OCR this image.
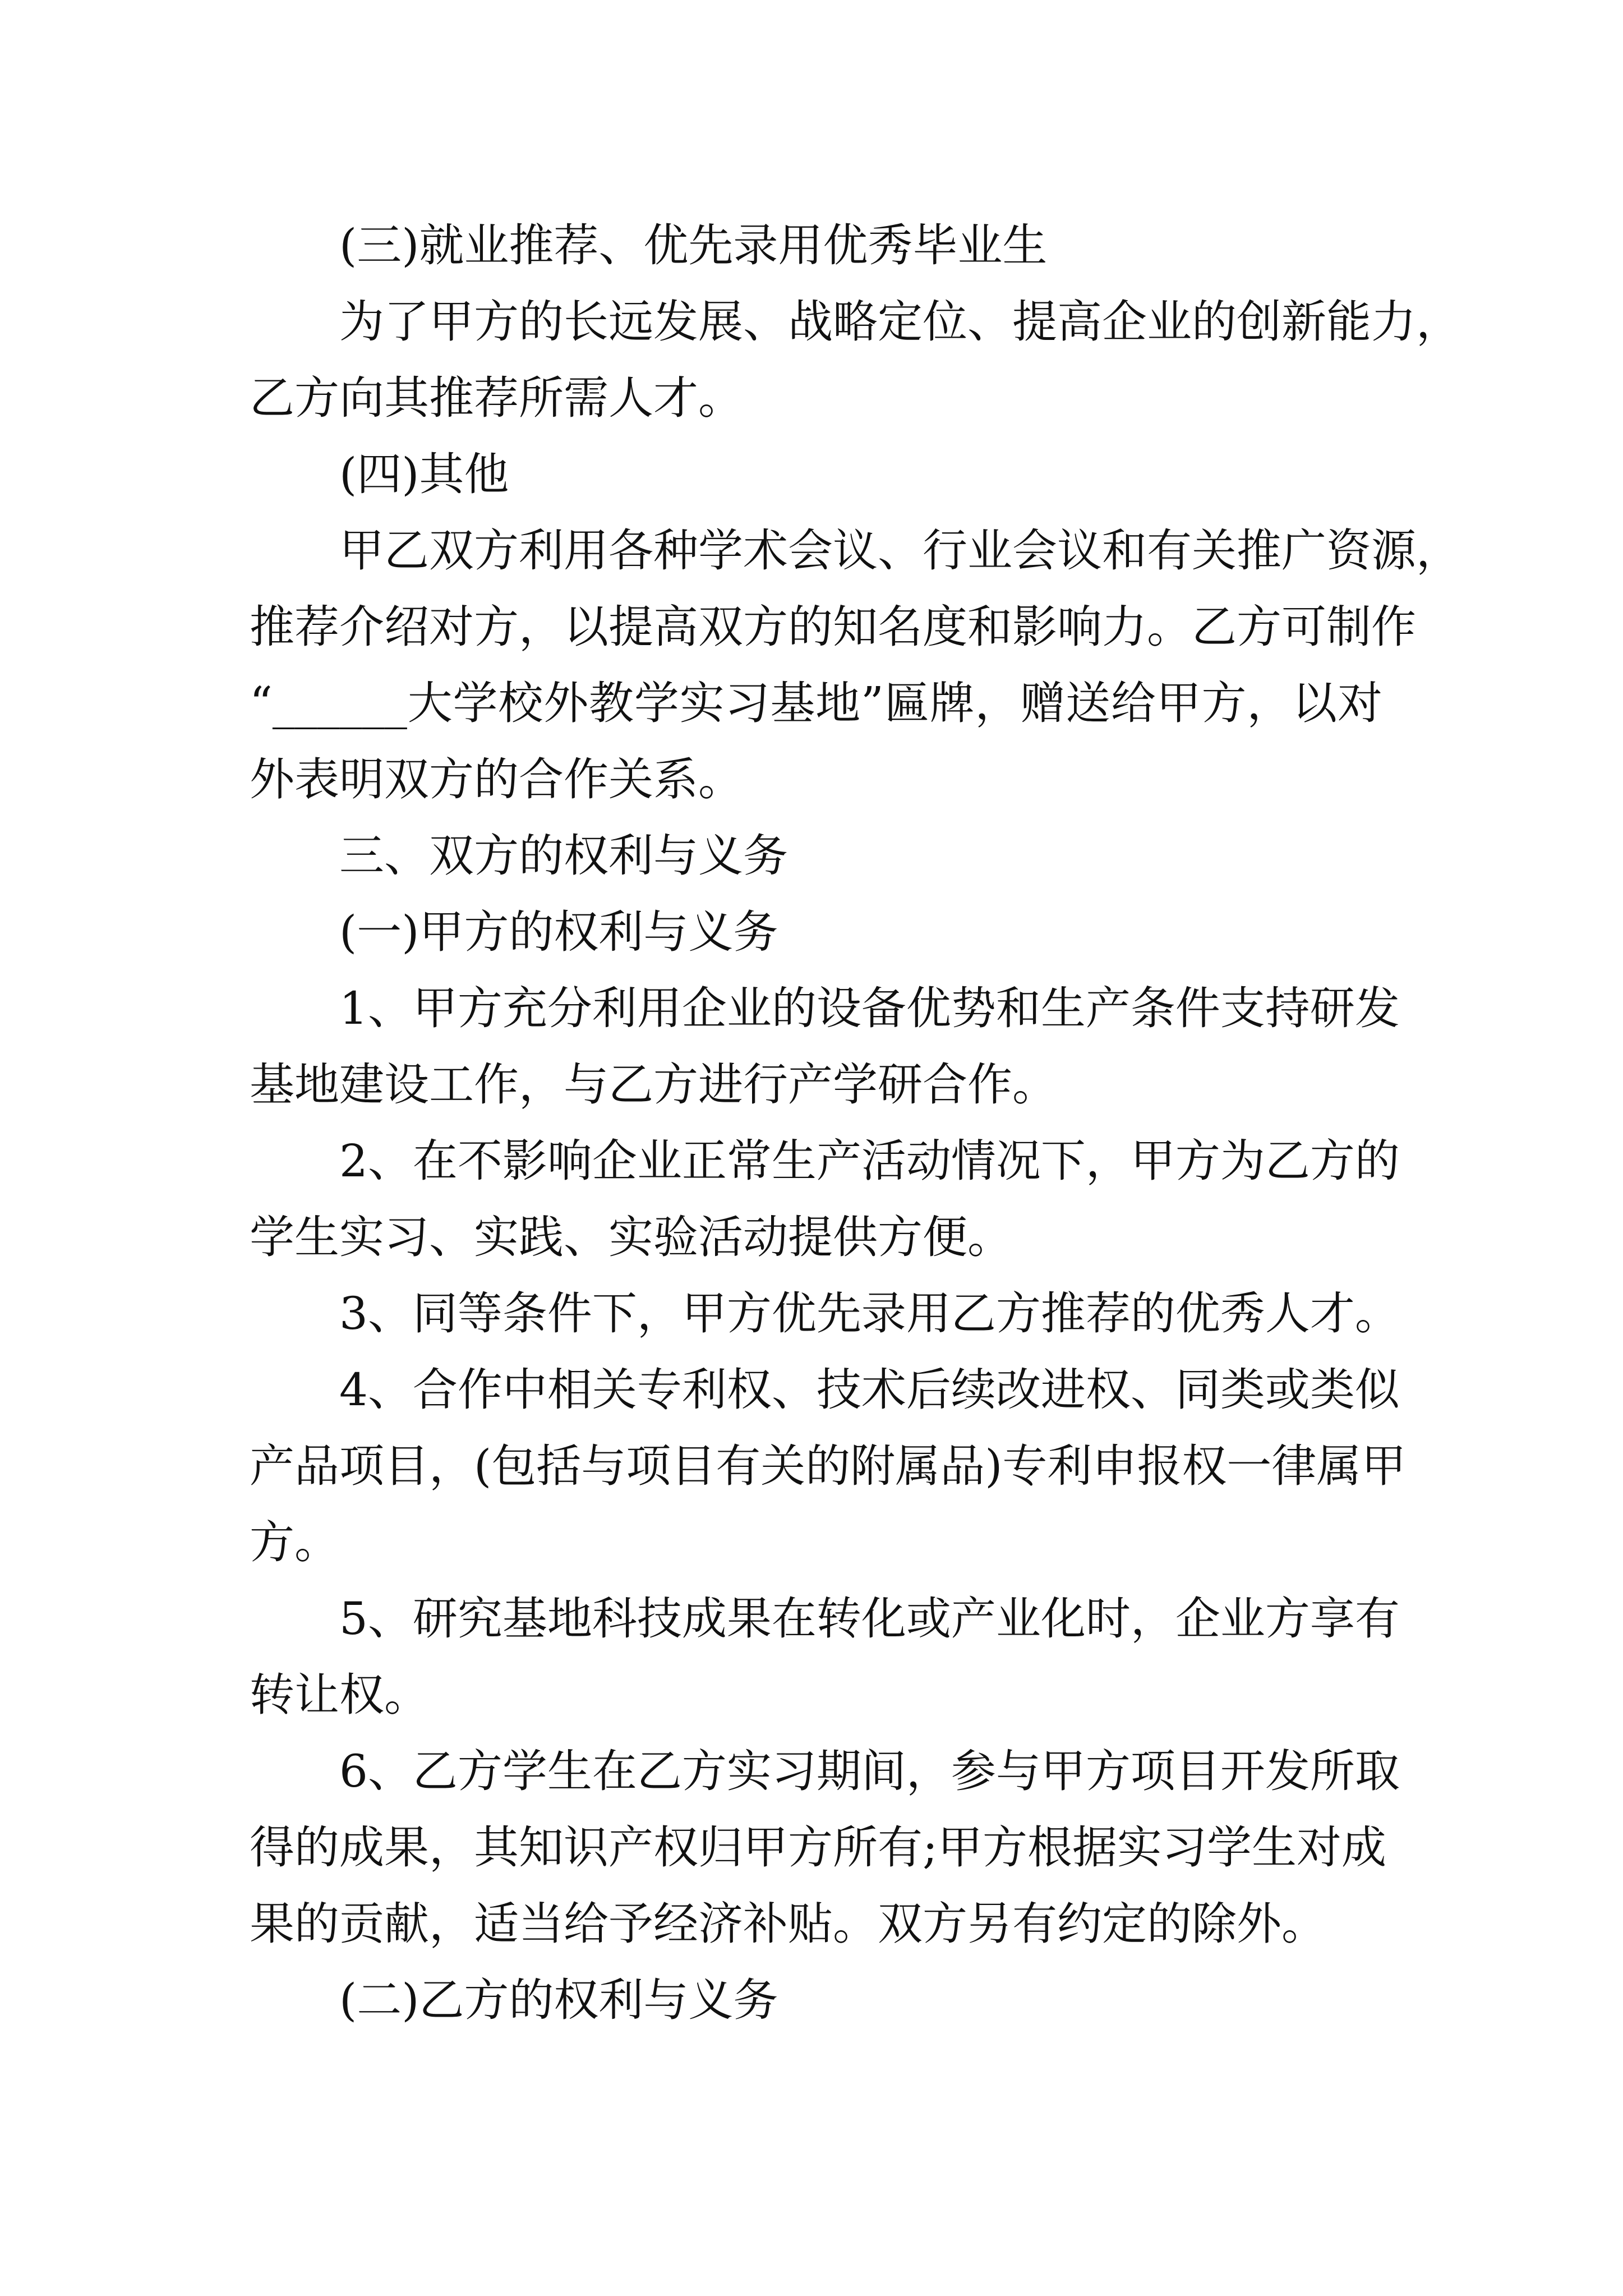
(三)就业推荐、优先录用优秀毕业生
为了甲方的长远发展、战略定位、提高企业的创新能力，
乙方向其推荐所需人才。
(四)其他
甲乙双方利用各种学术会议、行业会议和有关推广资源，
推荐介绍对方，以提高双方的知名度和影响力。乙方可制作
“______大学校外教学实习基地”匾牌，赠送给甲方，以对
外表明双方的合作关系。
三、双方的权利与义务
(一)甲方的权利与义务
1、甲方充分利用企业的设备优势和生产条件支持研发
基地建设工作，与乙方进行产学研合作。
2、在不影响企业正常生产活动情况下，甲方为乙方的
学生实习、实践、实验活动提供方便。
3、同等条件下，甲方优先录用乙方推荐的优秀人才。
4、合作中相关专利权、技术后续改进权、同类或类似
产品项目，(包括与项目有关的附属品)专利申报权一律属甲
方。
5、研究基地科技成果在转化或产业化时，企业方享有
转让权。
6、乙方学生在乙方实习期间，参与甲方项目开发所取
得的成果，其知识产权归甲方所有;甲方根据实习学生对成
果的贡献，适当给予经济补贴。双方另有约定的除外。
(二)乙方的权利与义务
